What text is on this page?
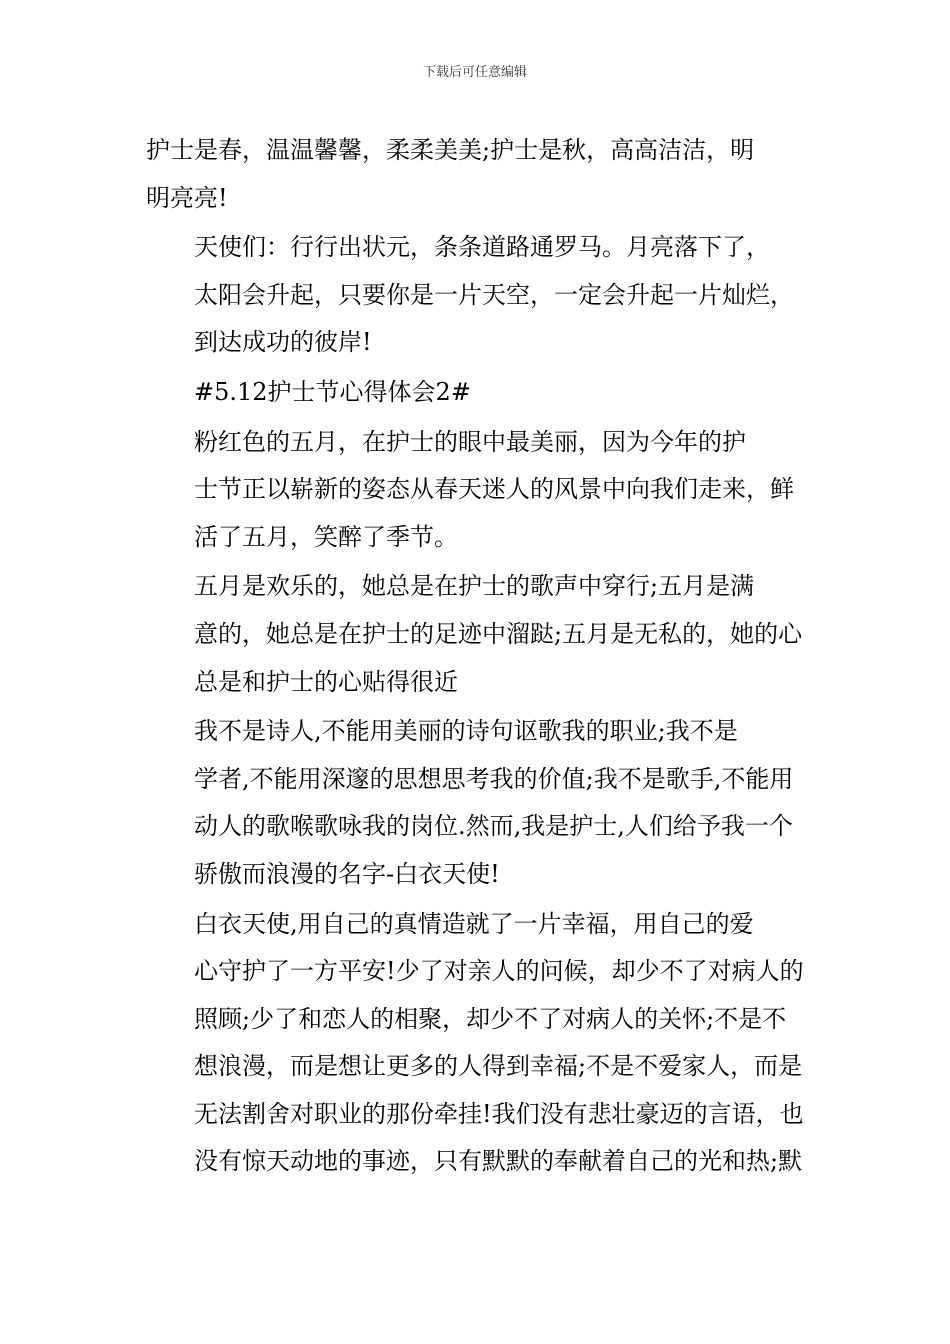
下载后可任意编辑

护士是春，温温馨馨，柔柔美美;护士是秋，高高洁洁，明
明亮亮!

天使们：行行出状元，条条道路通罗马。月亮落下了，
太阳会升起，只要你是一片天空，一定会升起一片灿烂，
到达成功的彼岸!

#5.12护士节心得体会2#

粉红色的五月，在护士的眼中最美丽，因为今年的护
士节正以崭新的姿态从春天迷人的风景中向我们走来，鲜
活了五月，笑醉了季节。

五月是欢乐的，她总是在护士的歌声中穿行;五月是满
意的，她总是在护士的足迹中溜跶;五月是无私的，她的心
总是和护士的心贴得很近

我不是诗人,不能用美丽的诗句讴歌我的职业;我不是
学者,不能用深邃的思想思考我的价值;我不是歌手,不能用
动人的歌喉歌咏我的岗位.然而,我是护士,人们给予我一个
骄傲而浪漫的名字-白衣天使!

白衣天使,用自己的真情造就了一片幸福，用自己的爱
心守护了一方平安!少了对亲人的问候，却少不了对病人的
照顾;少了和恋人的相聚，却少不了对病人的关怀;不是不
想浪漫，而是想让更多的人得到幸福;不是不爱家人，而是
无法割舍对职业的那份牵挂!我们没有悲壮豪迈的言语，也
没有惊天动地的事迹，只有默默的奉献着自己的光和热;默
